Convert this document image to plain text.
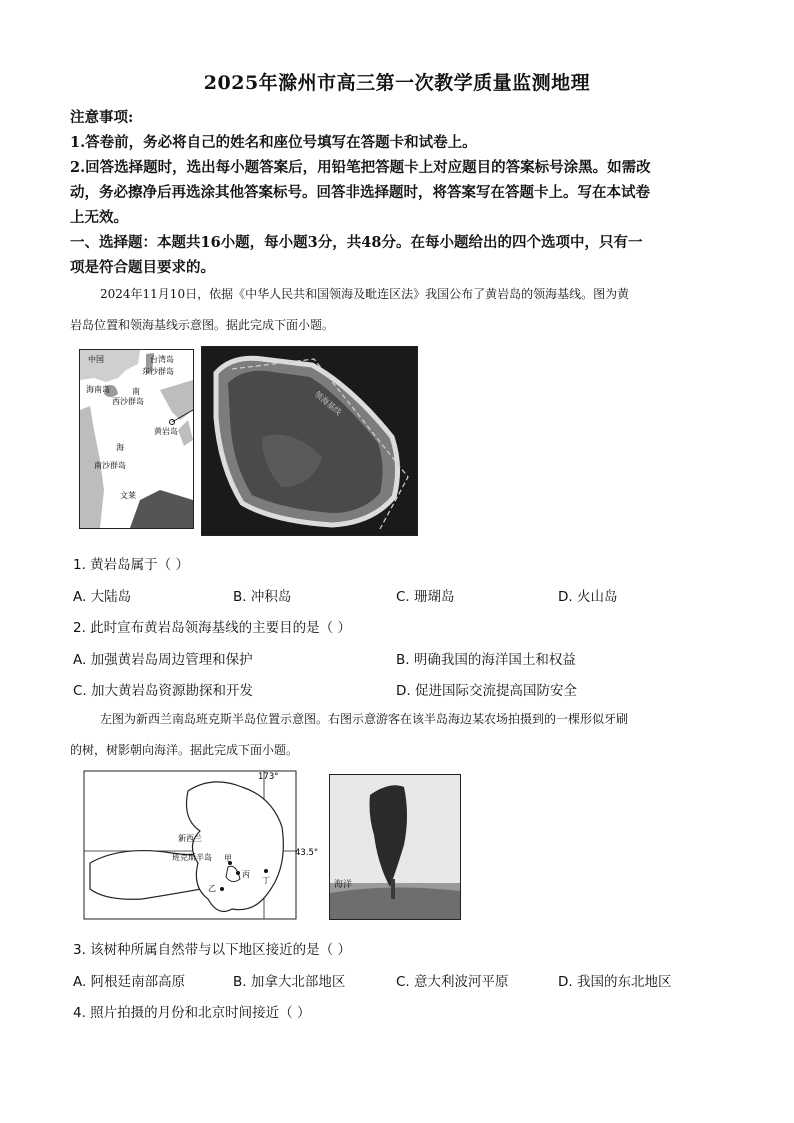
2025年滁州市高三第一次教学质量监测地理
注意事项:
1.答卷前，务必将自己的姓名和座位号填写在答题卡和试卷上。
2.回答选择题时，选出每小题答案后，用铅笔把答题卡上对应题目的答案标号涂黑。如需改
动，务必擦净后再选涂其他答案标号。回答非选择题时，将答案写在答题卡上。写在本试卷
上无效。
一、选择题：本题共16小题，每小题3分，共48分。在每小题给出的四个选项中，只有一
项是符合题目要求的。
2024年11月10日，依据《中华人民共和国领海及毗连区法》我国公布了黄岩岛的领海基线。图为黄
岩岛位置和领海基线示意图。据此完成下面小题。
中国	台湾岛
东沙群岛
海南岛	南
西沙群岛
黄岩岛
海
南沙群岛
文莱
领海基线
1. 黄岩岛属于（ ）
A. 大陆岛	B. 冲积岛	C. 珊瑚岛	D. 火山岛
2. 此时宣布黄岩岛领海基线的主要目的是（ ）
A. 加强黄岩岛周边管理和保护	B. 明确我国的海洋国土和权益
C. 加大黄岩岛资源勘探和开发	D. 促进国际交流提高国防安全
左图为新西兰南岛班克斯半岛位置示意图。右图示意游客在该半岛海边某农场拍摄到的一棵形似牙刷
的树，树影朝向海洋。据此完成下面小题。
173°
43.5°
新西兰
班克斯半岛 甲
丙
乙
丁	海洋
3. 该树种所属自然带与以下地区接近的是（ ）
A. 阿根廷南部高原	B. 加拿大北部地区	C. 意大利波河平原	D. 我国的东北地区
4. 照片拍摄的月份和北京时间接近（ ）
